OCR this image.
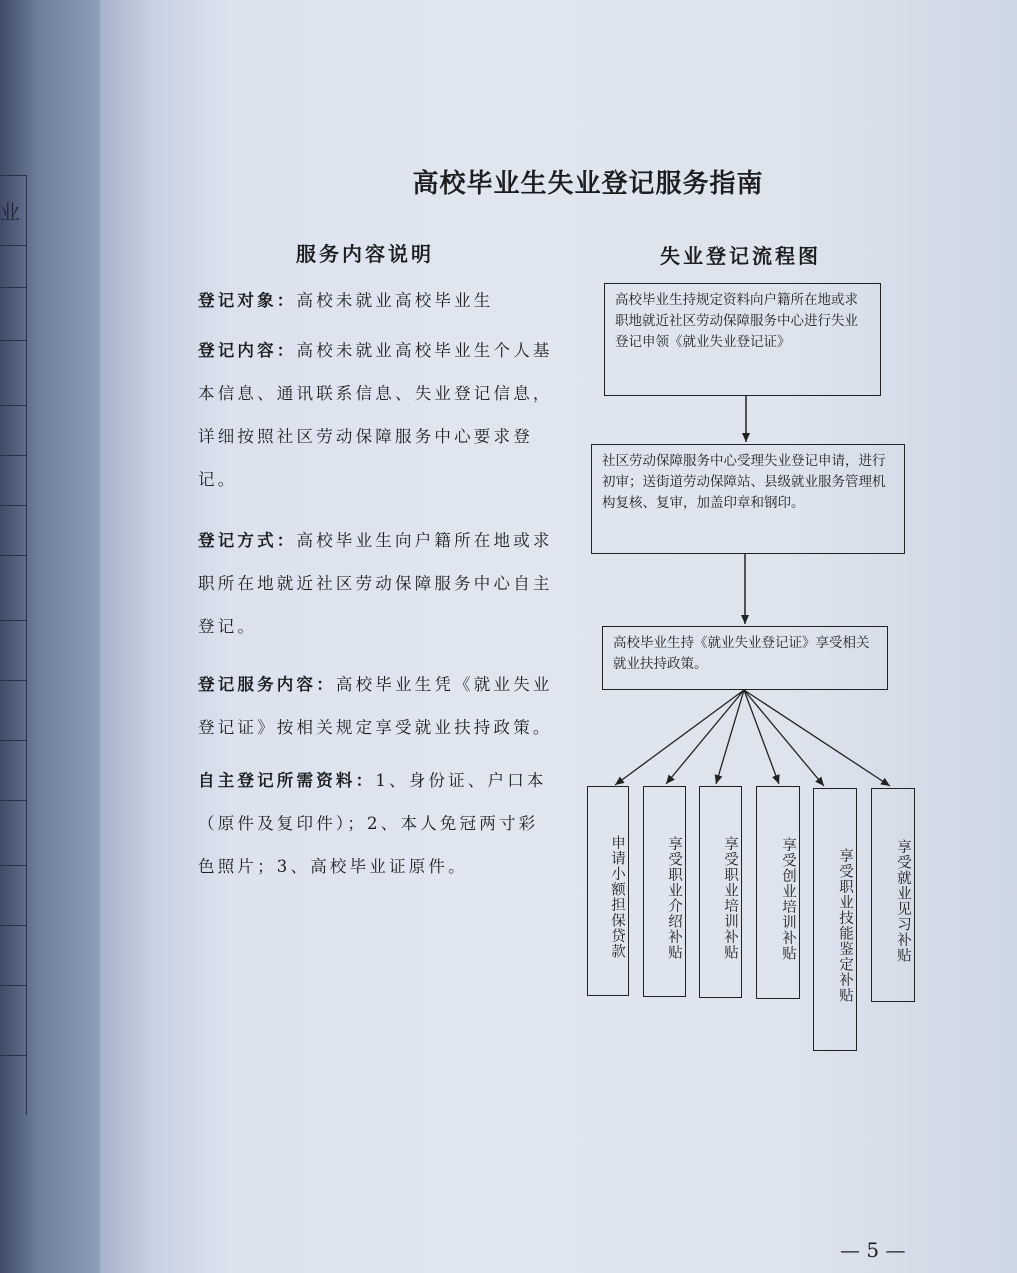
业
高校毕业生失业登记服务指南
服务内容说明	失业登记流程图
登记对象：高校未就业高校毕业生
登记内容：高校未就业高校毕业生个人基本信息、通讯联系信息、失业登记信息，详细按照社区劳动保障服务中心要求登记。
登记方式：高校毕业生向户籍所在地或求职所在地就近社区劳动保障服务中心自主登记。
登记服务内容：高校毕业生凭《就业失业登记证》按相关规定享受就业扶持政策。
自主登记所需资料：1、身份证、户口本（原件及复印件）；2、本人免冠两寸彩色照片；3、高校毕业证原件。
高校毕业生持规定资料向户籍所在地或求职地就近社区劳动保障服务中心进行失业登记申领《就业失业登记证》
社区劳动保障服务中心受理失业登记申请，进行初审；送街道劳动保障站、县级就业服务管理机构复核、复审，加盖印章和钢印。
高校毕业生持《就业失业登记证》享受相关就业扶持政策。
申请小额担保贷款	享受职业介绍补贴	享受职业培训补贴	享受创业培训补贴	享受职业技能鉴定补贴	享受就业见习补贴
— 5 —
